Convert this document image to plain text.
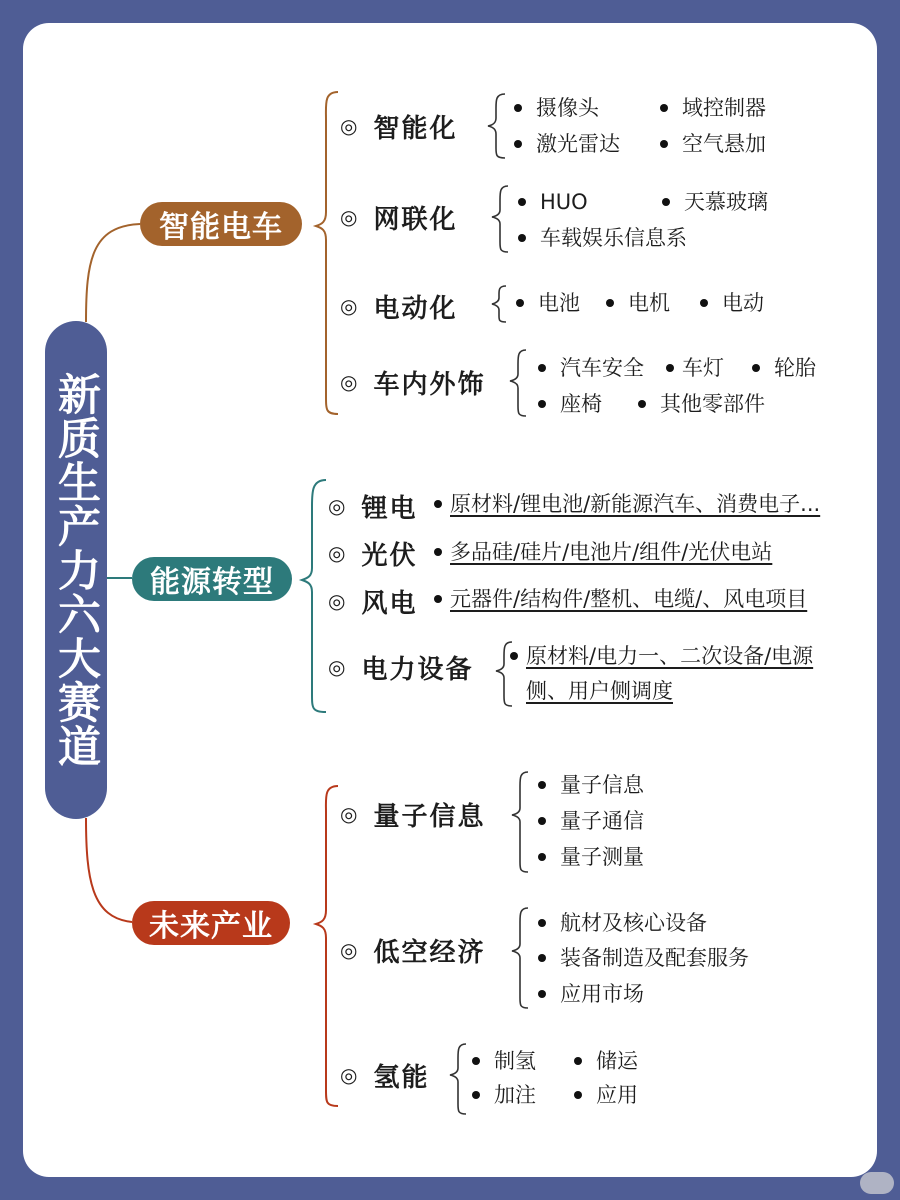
新质生产力六大赛道
智能电车
能源转型
未来产业
◎ 智能化
摄像头	域控制器
激光雷达	空气悬加
◎ 网联化
HUO	天慕玻璃
车载娱乐信息系
◎ 电动化	电池 电机 电动
◎ 车内外饰
汽车安全 车灯 轮胎
座椅	其他零部件
◎ 锂电 原材料/锂电池/新能源汽车、消费电子...
◎ 光伏 多品硅/硅片/电池片/组件/光伏电站
◎ 风电 元器件/结构件/整机、电缆/、风电项目
◎ 电力设备	原材料/电力一、二次设备/电源
侧、用户侧调度
◎ 量子信息
量子信息
量子通信
量子测量
◎ 低空经济
航材及核心设备
装备制造及配套服务
应用市场
◎ 氢能
制氢	储运
加注	应用
